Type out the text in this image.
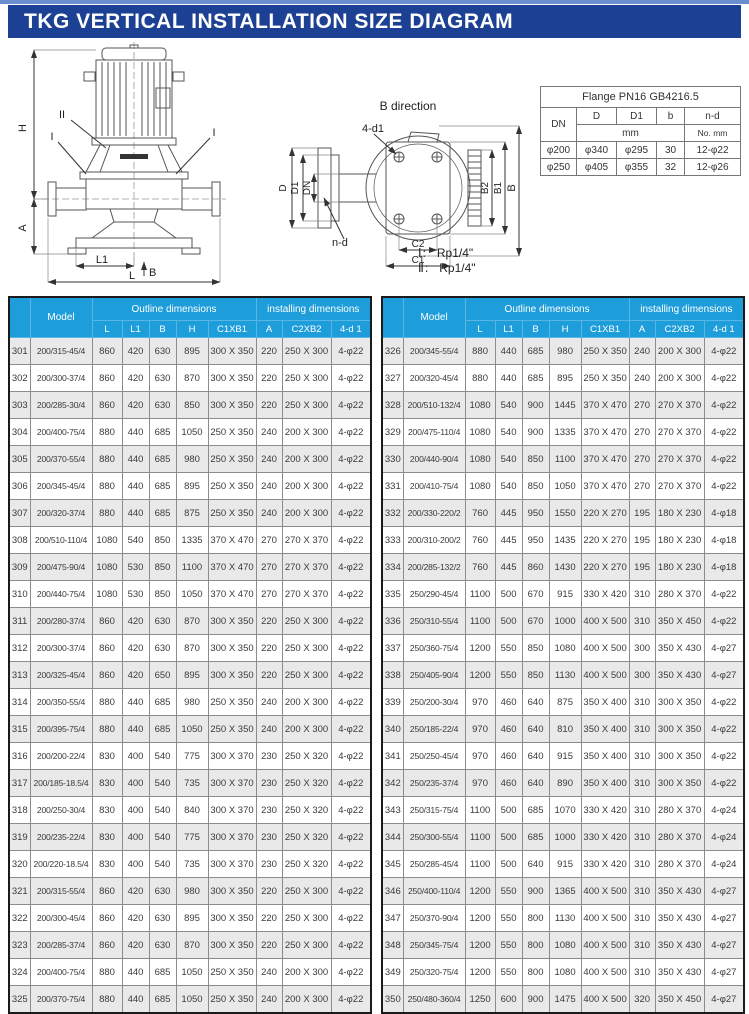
TKG VERTICAL INSTALLATION SIZE DIAGRAM
H
A
L1
L B
II
I	I
B direction
4-d1
D D1 DN
n-d	C2
C1
B2 B1 B
Ⅰ： Rp1/4"
Ⅱ： Rp1/4"
Flange PN16 GB4216.5				
DN	D	D1	b	n-d
	mm			No. mm
φ200	φ340	φ295	30	12-φ22
φ250	φ405	φ355	32	12-φ26
	Model	Outline dimensions					installing dimensions		
		L	L1	B	H	C1XB1	A	C2XB2	4-d 1
301	200/315-45/4	860	420	630	895	300 X 350	220	250 X 300	4-φ22
302	200/300-37/4	860	420	630	870	300 X 350	220	250 X 300	4-φ22
303	200/285-30/4	860	420	630	850	300 X 350	220	250 X 300	4-φ22
304	200/400-75/4	880	440	685	1050	250 X 350	240	200 X 300	4-φ22
305	200/370-55/4	880	440	685	980	250 X 350	240	200 X 300	4-φ22
306	200/345-45/4	880	440	685	895	250 X 350	240	200 X 300	4-φ22
307	200/320-37/4	880	440	685	875	250 X 350	240	200 X 300	4-φ22
308	200/510-110/4	1080	540	850	1335	370 X 470	270	270 X 370	4-φ22
309	200/475-90/4	1080	530	850	1100	370 X 470	270	270 X 370	4-φ22
310	200/440-75/4	1080	530	850	1050	370 X 470	270	270 X 370	4-φ22
311	200/280-37/4	860	420	630	870	300 X 350	220	250 X 300	4-φ22
312	200/300-37/4	860	420	630	870	300 X 350	220	250 X 300	4-φ22
313	200/325-45/4	860	420	650	895	300 X 350	220	250 X 300	4-φ22
314	200/350-55/4	880	440	685	980	250 X 350	240	200 X 300	4-φ22
315	200/395-75/4	880	440	685	1050	250 X 350	240	200 X 300	4-φ22
316	200/200-22/4	830	400	540	775	300 X 370	230	250 X 320	4-φ22
317	200/185-18.5/4	830	400	540	735	300 X 370	230	250 X 320	4-φ22
318	200/250-30/4	830	400	540	840	300 X 370	230	250 X 320	4-φ22
319	200/235-22/4	830	400	540	775	300 X 370	230	250 X 320	4-φ22
320	200/220-18.5/4	830	400	540	735	300 X 370	230	250 X 320	4-φ22
321	200/315-55/4	860	420	630	980	300 X 350	220	250 X 300	4-φ22
322	200/300-45/4	860	420	630	895	300 X 350	220	250 X 300	4-φ22
323	200/285-37/4	860	420	630	870	300 X 350	220	250 X 300	4-φ22
324	200/400-75/4	880	440	685	1050	250 X 350	240	200 X 300	4-φ22
325	200/370-75/4	880	440	685	1050	250 X 350	240	200 X 300	4-φ22
	Model	Outline dimensions					installing dimensions		
		L	L1	B	H	C1XB1	A	C2XB2	4-d 1
326	200/345-55/4	880	440	685	980	250 X 350	240	200 X 300	4-φ22
327	200/320-45/4	880	440	685	895	250 X 350	240	200 X 300	4-φ22
328	200/510-132/4	1080	540	900	1445	370 X 470	270	270 X 370	4-φ22
329	200/475-110/4	1080	540	900	1335	370 X 470	270	270 X 370	4-φ22
330	200/440-90/4	1080	540	850	1100	370 X 470	270	270 X 370	4-φ22
331	200/410-75/4	1080	540	850	1050	370 X 470	270	270 X 370	4-φ22
332	200/330-220/2	760	445	950	1550	220 X 270	195	180 X 230	4-φ18
333	200/310-200/2	760	445	950	1435	220 X 270	195	180 X 230	4-φ18
334	200/285-132/2	760	445	860	1430	220 X 270	195	180 X 230	4-φ18
335	250/290-45/4	1100	500	670	915	330 X 420	310	280 X 370	4-φ22
336	250/310-55/4	1100	500	670	1000	400 X 500	310	350 X 450	4-φ22
337	250/360-75/4	1200	550	850	1080	400 X 500	300	350 X 430	4-φ27
338	250/405-90/4	1200	550	850	1130	400 X 500	300	350 X 430	4-φ27
339	250/200-30/4	970	460	640	875	350 X 400	310	300 X 350	4-φ22
340	250/185-22/4	970	460	640	810	350 X 400	310	300 X 350	4-φ22
341	250/250-45/4	970	460	640	915	350 X 400	310	300 X 350	4-φ22
342	250/235-37/4	970	460	640	890	350 X 400	310	300 X 350	4-φ22
343	250/315-75/4	1100	500	685	1070	330 X 420	310	280 X 370	4-φ24
344	250/300-55/4	1100	500	685	1000	330 X 420	310	280 X 370	4-φ24
345	250/285-45/4	1100	500	640	915	330 X 420	310	280 X 370	4-φ24
346	250/400-110/4	1200	550	900	1365	400 X 500	310	350 X 430	4-φ27
347	250/370-90/4	1200	550	800	1130	400 X 500	310	350 X 430	4-φ27
348	250/345-75/4	1200	550	800	1080	400 X 500	310	350 X 430	4-φ27
349	250/320-75/4	1200	550	800	1080	400 X 500	310	350 X 430	4-φ27
350	250/480-360/4	1250	600	900	1475	400 X 500	320	350 X 450	4-φ27
